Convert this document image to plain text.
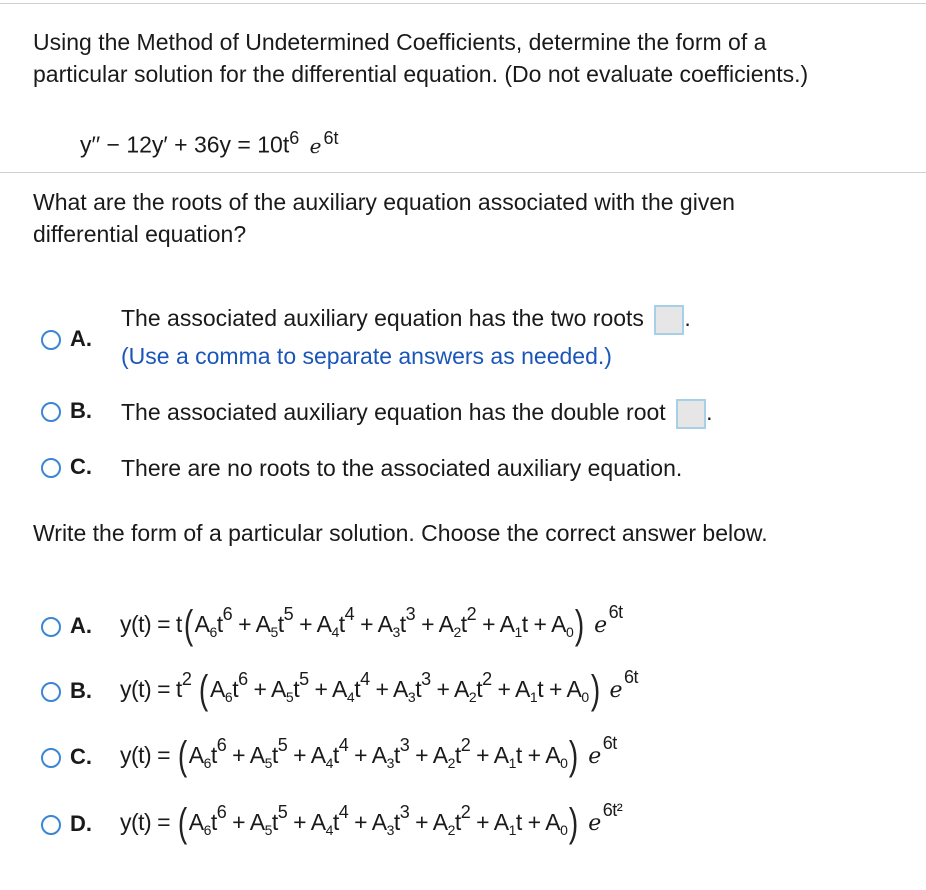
Using the Method of Undetermined Coefficients, determine the form of a
particular solution for the differential equation. (Do not evaluate coefficients.)
$y'' - 12y' + 36y = 10t^6$ e $^{6t}$
What are the roots of the auxiliary equation associated with the given
differential equation?
A.
The associated auxiliary equation has the two roots .
(Use a comma to separate answers as needed.)
B. The associated auxiliary equation has the double root .
C. There are no roots to the associated auxiliary equation.
Write the form of a particular solution. Choose the correct answer below.
A. $y(t) = t(A_6t^6 + A_5t^5 + A_4t^4 + A_3t^3 + A_2t^2 + A_1t + A_0)$ $e^{6t}$
B. $y(t) = t^2$ $(A_6t^6 + A_5t^5 + A_4t^4 + A_3t^3 + A_2t^2 + A_1t + A_0)$ $e^{6t}$
C. $y(t) = (A_6t^6 + A_5t^5 + A_4t^4 + A_3t^3 + A_2t^2 + A_1t + A_0)$ $e^{6t}$
D. $y(t) = (A_6t^6 + A_5t^5 + A_4t^4 + A_3t^3 + A_2t^2 + A_1t + A_0)$ $e^{6t^2}$
